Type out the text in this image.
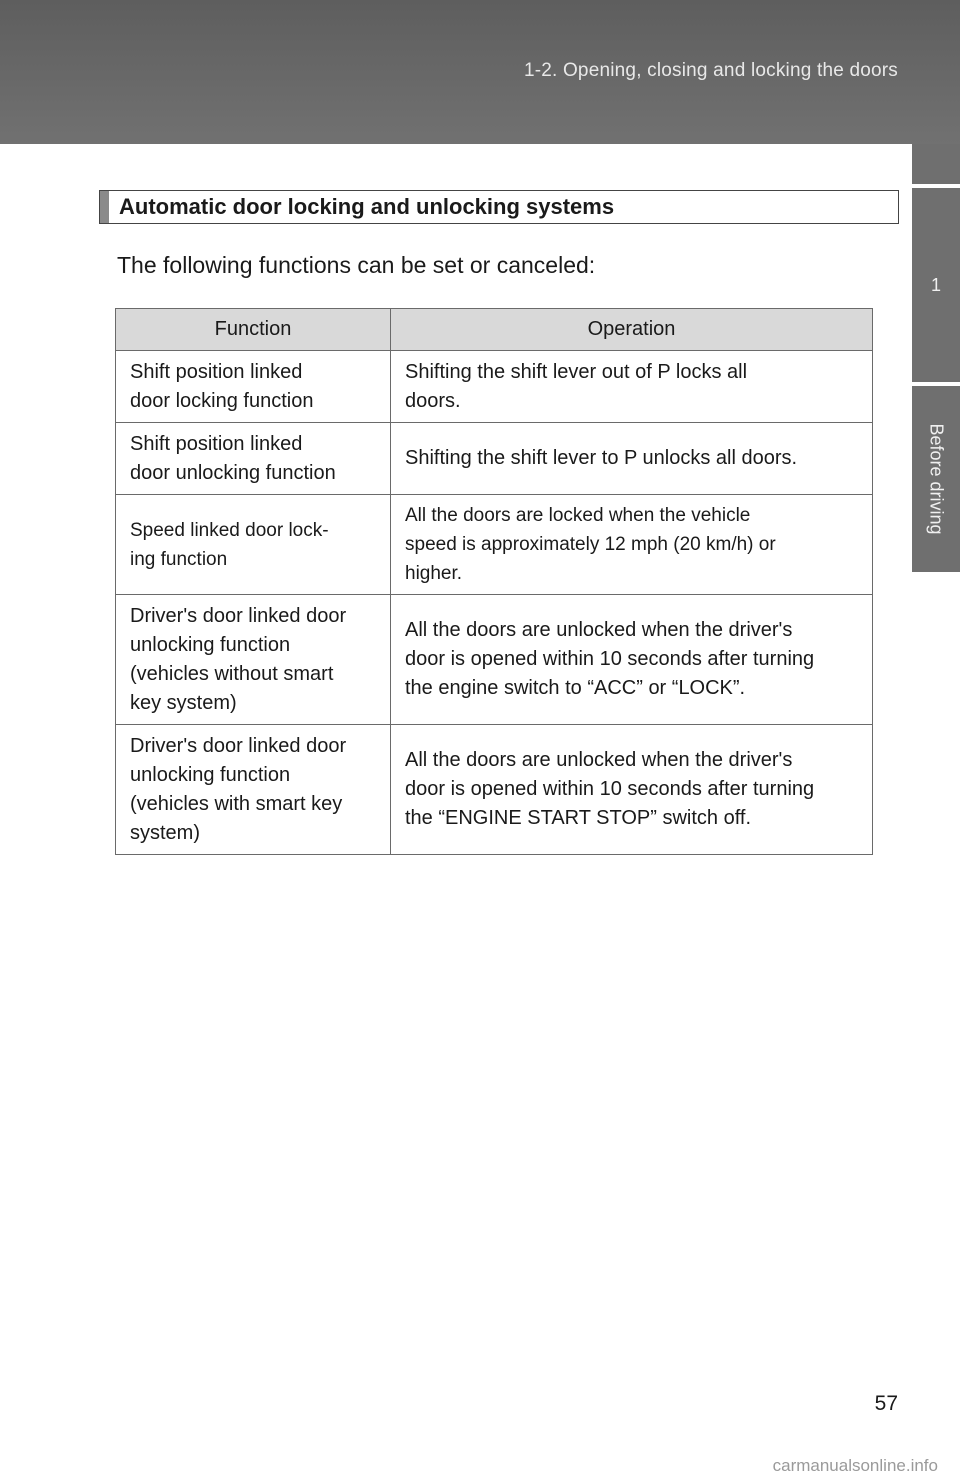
1-2. Opening, closing and locking the doors
1
Before driving
Automatic door locking and unlocking systems
The following functions can be set or canceled:
Function	Operation
Shift position linked
door locking function	Shifting the shift lever out of P locks all
doors.
Shift position linked
door unlocking function	Shifting the shift lever to P unlocks all doors.
Speed linked door lock-
ing function	All the doors are locked when the vehicle
speed is approximately 12 mph (20 km/h) or
higher.
Driver's door linked door
unlocking function
(vehicles without smart
key system)	All the doors are unlocked when the driver's
door is opened within 10 seconds after turning
the engine switch to “ACC” or “LOCK”.
Driver's door linked door
unlocking function
(vehicles with smart key
system)	All the doors are unlocked when the driver's
door is opened within 10 seconds after turning
the “ENGINE START STOP” switch off.
57
carmanualsonline.info
